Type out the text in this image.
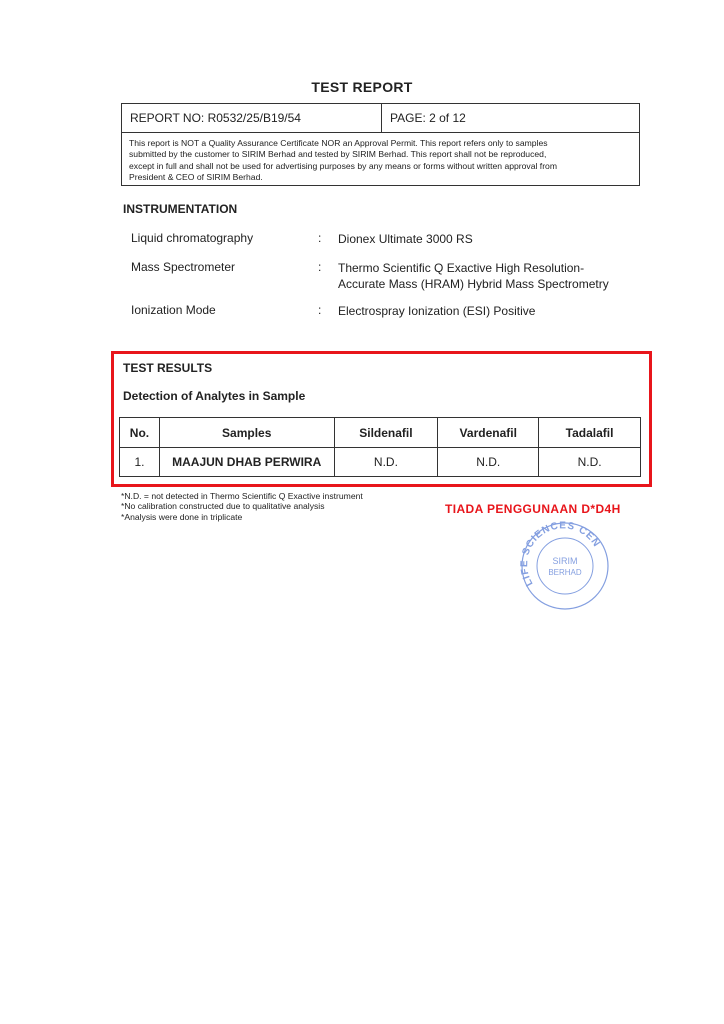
TEST REPORT
REPORT NO: R0532/25/B19/54	PAGE: 2 of 12
This report is NOT a Quality Assurance Certificate NOR an Approval Permit. This report refers only to samples
submitted by the customer to SIRIM Berhad and tested by SIRIM Berhad. This report shall not be reproduced,
except in full and shall not be used for advertising purposes by any means or forms without written approval from
President & CEO of SIRIM Berhad.
INSTRUMENTATION
Liquid chromatography	: Dionex Ultimate 3000 RS
Mass Spectrometer	: Thermo Scientific Q Exactive High Resolution-
Accurate Mass (HRAM) Hybrid Mass Spectrometry
Ionization Mode	: Electrospray Ionization (ESI) Positive
TEST RESULTS
Detection of Analytes in Sample
No.	Samples	Sildenafil	Vardenafil	Tadalafil
1.	MAAJUN DHAB PERWIRA	N.D.	N.D.	N.D.
*N.D. = not detected in Thermo Scientific Q Exactive instrument
*No calibration constructed due to qualitative analysis
*Analysis were done in triplicate
TIADA PENGGUNAAN D*D4H
LIFE SCIENCES CEN
SIRIM
BERHAD
